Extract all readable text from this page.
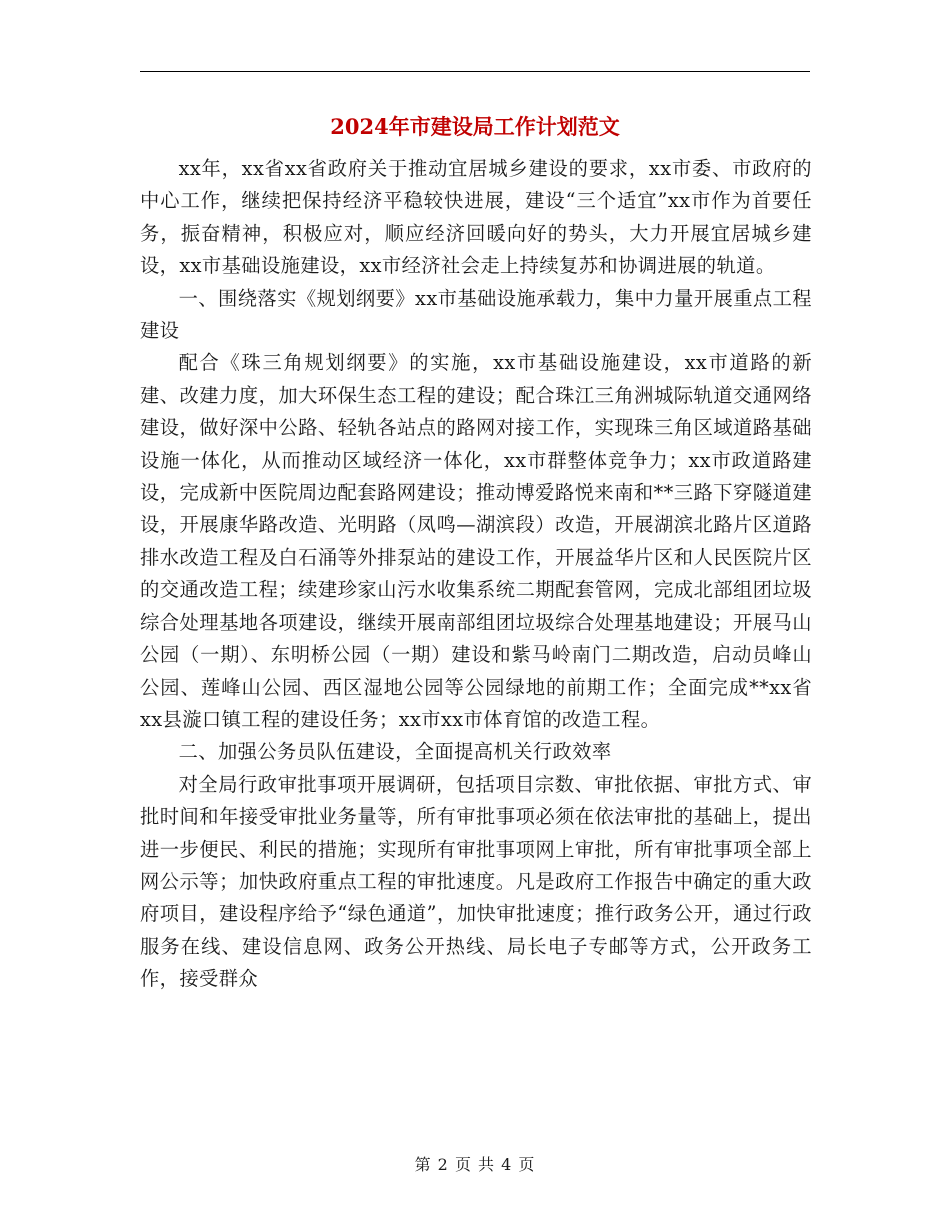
2024年市建设局工作计划范文

xx年，xx省xx省政府关于推动宜居城乡建设的要求，xx市委、市政府的中心工作，继续把保持经济平稳较快进展，建设“三个适宜”xx市作为首要任务，振奋精神，积极应对，顺应经济回暖向好的势头，大力开展宜居城乡建设，xx市基础设施建设，xx市经济社会走上持续复苏和协调进展的轨道。

一、围绕落实《规划纲要》xx市基础设施承载力，集中力量开展重点工程建设

配合《珠三角规划纲要》的实施，xx市基础设施建设，xx市道路的新建、改建力度，加大环保生态工程的建设；配合珠江三角洲城际轨道交通网络建设，做好深中公路、轻轨各站点的路网对接工作，实现珠三角区域道路基础设施一体化，从而推动区域经济一体化，xx市群整体竞争力；xx市政道路建设，完成新中医院周边配套路网建设；推动博爱路悦来南和**三路下穿隧道建设，开展康华路改造、光明路（凤鸣—湖滨段）改造，开展湖滨北路片区道路排水改造工程及白石涌等外排泵站的建设工作，开展益华片区和人民医院片区的交通改造工程；续建珍家山污水收集系统二期配套管网，完成北部组团垃圾综合处理基地各项建设，继续开展南部组团垃圾综合处理基地建设；开展马山公园（一期）、东明桥公园（一期）建设和紫马岭南门二期改造，启动员峰山公园、莲峰山公园、西区湿地公园等公园绿地的前期工作；全面完成**xx省xx县漩口镇工程的建设任务；xx市xx市体育馆的改造工程。

二、加强公务员队伍建设，全面提高机关行政效率

对全局行政审批事项开展调研，包括项目宗数、审批依据、审批方式、审批时间和年接受审批业务量等，所有审批事项必须在依法审批的基础上，提出进一步便民、利民的措施；实现所有审批事项网上审批，所有审批事项全部上网公示等；加快政府重点工程的审批速度。凡是政府工作报告中确定的重大政府项目，建设程序给予“绿色通道”，加快审批速度；推行政务公开，通过行政服务在线、建设信息网、政务公开热线、局长电子专邮等方式，公开政务工作，接受群众

第 2 页 共 4 页
